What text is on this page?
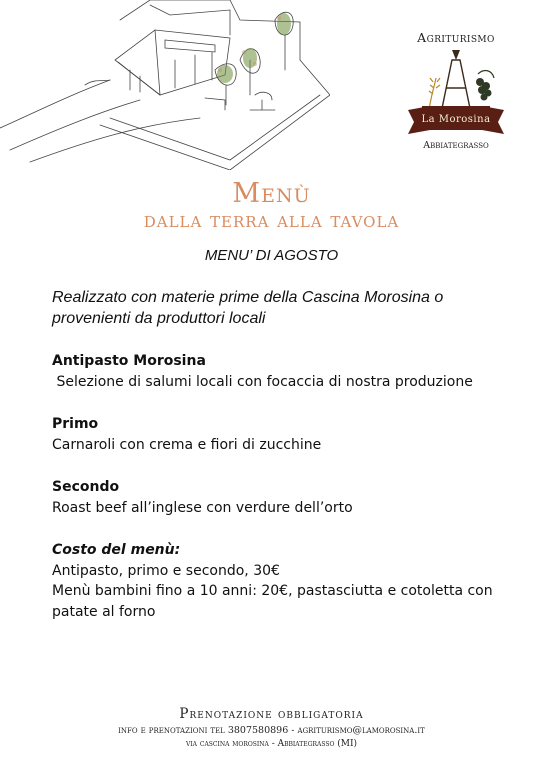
Agriturismo
La Morosina
Abbiategrasso
Menù
dalla terra alla tavola
MENU’ DI AGOSTO

Realizzato con materie prime della Cascina Morosina o provenienti da produttori locali

Antipasto Morosina
Selezione di salumi locali con focaccia di nostra produzione
Primo
Carnaroli con crema e fiori di zucchine
Secondo
Roast beef all’inglese con verdure dell’orto
Costo del menù:
Antipasto, primo e secondo, 30€
Menù bambini fino a 10 anni: 20€, pastasciutta e cotoletta con patate al forno
Prenotazione obbligatoria
info e prenotazioni tel 3807580896 - agriturismo@lamorosina.it
via cascina morosina - Abbiategrasso (MI)
